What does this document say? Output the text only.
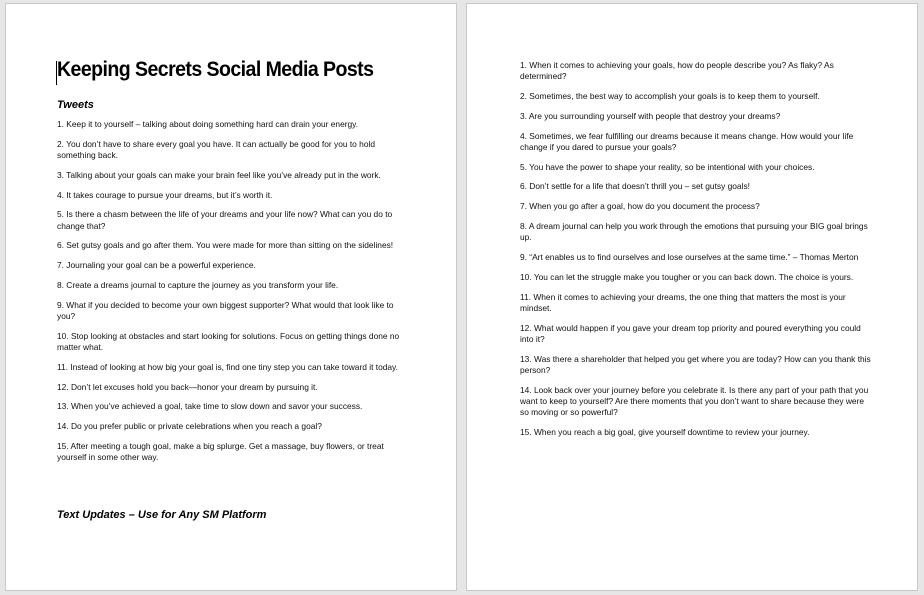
Keeping Secrets Social Media Posts
Tweets
1. Keep it to yourself – talking about doing something hard can drain your energy.
2. You don’t have to share every goal you have. It can actually be good for you to hold something back.
3. Talking about your goals can make your brain feel like you’ve already put in the work.
4. It takes courage to pursue your dreams, but it’s worth it.
5. Is there a chasm between the life of your dreams and your life now? What can you do to change that?
6. Set gutsy goals and go after them. You were made for more than sitting on the sidelines!
7. Journaling your goal can be a powerful experience.
8. Create a dreams journal to capture the journey as you transform your life.
9. What if you decided to become your own biggest supporter? What would that look like to you?
10. Stop looking at obstacles and start looking for solutions. Focus on getting things done no matter what.
11. Instead of looking at how big your goal is, find one tiny step you can take toward it today.
12. Don’t let excuses hold you back—honor your dream by pursuing it.
13. When you’ve achieved a goal, take time to slow down and savor your success.
14. Do you prefer public or private celebrations when you reach a goal?
15. After meeting a tough goal, make a big splurge. Get a massage, buy flowers, or treat yourself in some other way.
Text Updates – Use for Any SM Platform
1. When it comes to achieving your goals, how do people describe you? As flaky? As determined?
2. Sometimes, the best way to accomplish your goals is to keep them to yourself.
3. Are you surrounding yourself with people that destroy your dreams?
4. Sometimes, we fear fulfilling our dreams because it means change. How would your life change if you dared to pursue your goals?
5. You have the power to shape your reality, so be intentional with your choices.
6. Don’t settle for a life that doesn’t thrill you – set gutsy goals!
7. When you go after a goal, how do you document the process?
8. A dream journal can help you work through the emotions that pursuing your BIG goal brings up.
9. “Art enables us to find ourselves and lose ourselves at the same time.” – Thomas Merton
10. You can let the struggle make you tougher or you can back down. The choice is yours.
11. When it comes to achieving your dreams, the one thing that matters the most is your mindset.
12. What would happen if you gave your dream top priority and poured everything you could into it?
13. Was there a shareholder that helped you get where you are today? How can you thank this person?
14. Look back over your journey before you celebrate it. Is there any part of your path that you want to keep to yourself? Are there moments that you don’t want to share because they were so moving or so powerful?
15. When you reach a big goal, give yourself downtime to review your journey.
